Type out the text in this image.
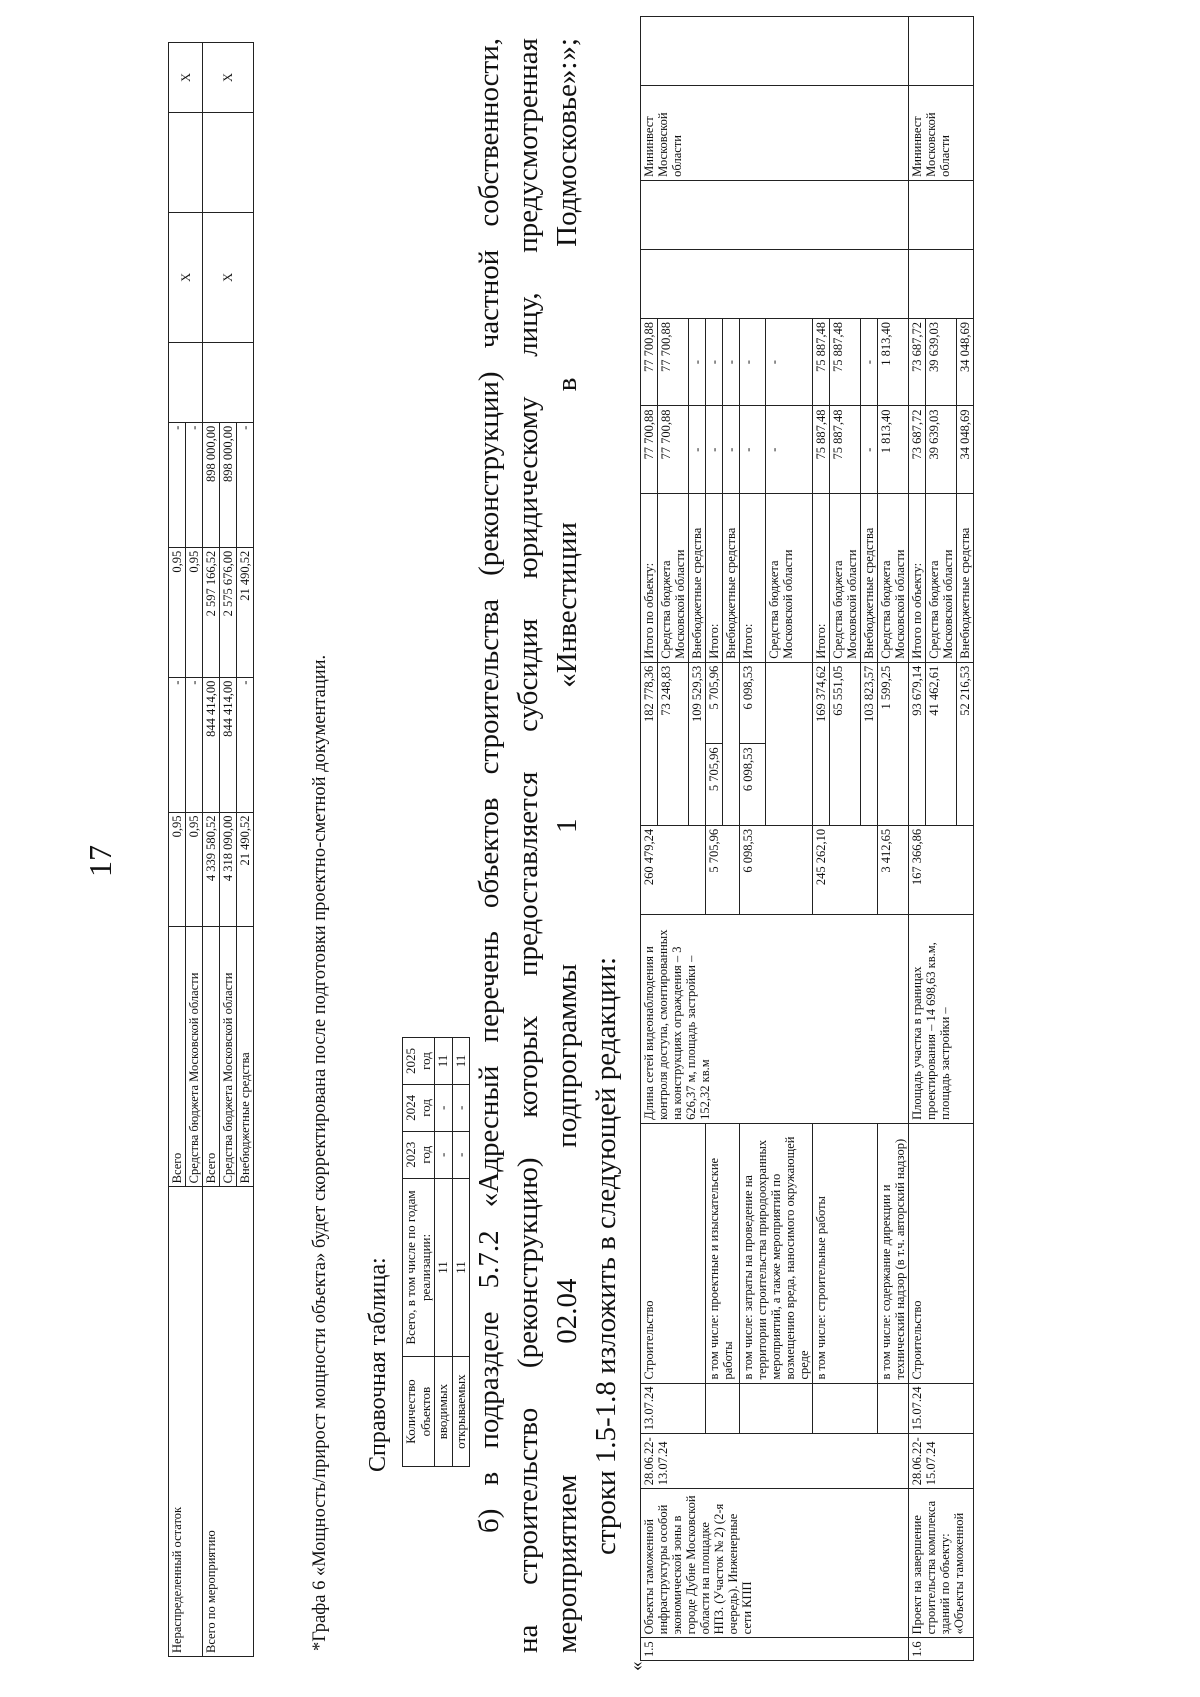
17
Нераспределенный остаток	Всего	0,95	-	0,95	-		X		X
	Средства бюджета Московской области	0,95	-	0,95	-				
Всего по мероприятию	Всего	4 339 580,52	844 414,00	2 597 166,52	898 000,00		X		X
	Средства бюджета Московской области	4 318 090,00	844 414,00	2 575 676,00	898 000,00				
	Внебюджетные средства	21 490,52	-	21 490,52	-				
*Графа 6 «Мощность/прирост мощности объекта» будет скорректирована после подготовки проектно-сметной документации. Справочная таблица: Количество объектов	Всего, в том числе по годам реализации:	2023 год	2024 год	2025 год
вводимых	11	-	-	11
открываемых	11	-	-	11 б) в подразделе 5.7.2 «Адресный перечень объектов строительства (реконструкции) частной собственности, на строительство (реконструкцию) которых предоставляется субсидия юридическому лицу, предусмотренная мероприятием 02.04 подпрограммы 1 «Инвестиции в Подмосковье»:»;
строки 1.5-1.8 изложить в следующей редакции:
«
1.5	Объекты таможенной инфраструктуры особой экономической зоны в городе Дубне Московской области на площадке НПЗ. (Участок № 2) (2-я очередь). Инженерные сети КПП	28.06.22-13.07.24	13.07.24	Строительство	Длина сетей видеонаблюдения и контроля доступа, смонтированных на конструкциях ограждения – 3 626,37 м, площадь застройки – 152,32 кв.м	260 479,24	182 778,36		Итого по объекту:	77 700,88	77 700,88			Мининвест Московской области	
							73 248,83		Средства бюджета Московской области	77 700,88	77 700,88				
							109 529,53		Внебюджетные средства	-	-				
				в том числе: проектные и изыскательские работы		5 705,96	5 705,96	5 705,96	Итого:	-	-				
									Внебюджетные средства	-	-				
				в том числе: затраты на проведение на территории строительства природоохранных мероприятий, а также мероприятий по возмещению вреда, наносимого окружающей среде		6 098,53	6 098,53	6 098,53	Итого:	-	-				
									Средства бюджета Московской области	-	-				
				в том числе: строительные работы		245 262,10	169 374,62		Итого:	75 887,48	75 887,48				
							65 551,05		Средства бюджета Московской области	75 887,48	75 887,48				
							103 823,57		Внебюджетные средства	-	-				
				в том числе: содержание дирекции и технический надзор (в т.ч. авторский надзор)		3 412,65	1 599,25		Средства бюджета Московской области	1 813,40	1 813,40				
1.6	Проект на завершение строительства комплекса зданий по объекту: «Объекты таможенной	28.06.22-15.07.24	15.07.24	Строительство	Площадь участка в границах проектирования – 14 698,63 кв.м, площадь застройки –	167 366,86	93 679,14		Итого по объекту:	73 687,72	73 687,72			Мининвест Московской области	
							41 462,61		Средства бюджета Московской области	39 639,03	39 639,03				
							52 216,53		Внебюджетные средства	34 048,69	34 048,69				
